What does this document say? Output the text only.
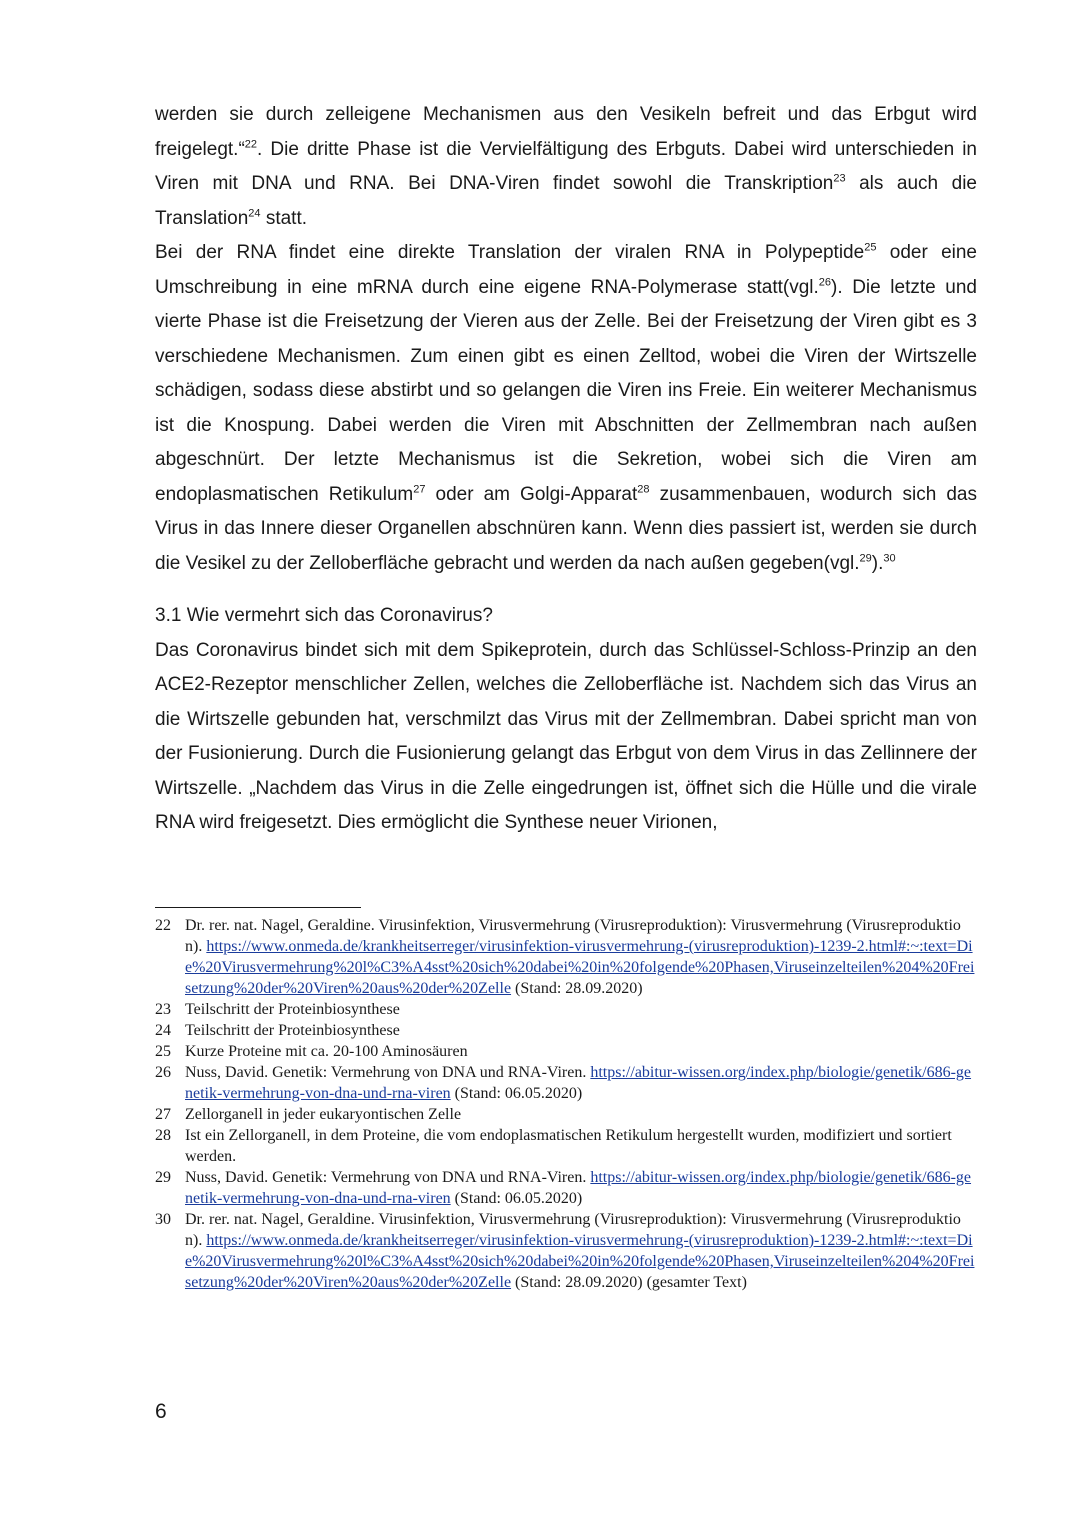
werden sie durch zelleigene Mechanismen aus den Vesikeln befreit und das Erbgut wird freigelegt.“$^{22}$. Die dritte Phase ist die Vervielfältigung des Erbguts. Dabei wird unterschieden in Viren mit DNA und RNA. Bei DNA-Viren findet sowohl die Transkription$^{23}$ als auch die Translation$^{24}$ statt.

Bei der RNA findet eine direkte Translation der viralen RNA in Polypeptide$^{25}$ oder eine Umschreibung in eine mRNA durch eine eigene RNA-Polymerase statt(vgl.$^{26}$). Die letzte und vierte Phase ist die Freisetzung der Vieren aus der Zelle. Bei der Freisetzung der Viren gibt es 3 verschiedene Mechanismen. Zum einen gibt es einen Zelltod, wobei die Viren der Wirtszelle schädigen, sodass diese abstirbt und so gelangen die Viren ins Freie. Ein weiterer Mechanismus ist die Knospung. Dabei werden die Viren mit Abschnitten der Zellmembran nach außen abgeschnürt. Der letzte Mechanismus ist die Sekretion, wobei sich die Viren am endoplasmatischen Retikulum$^{27}$ oder am Golgi-Apparat$^{28}$ zusammenbauen, wodurch sich das Virus in das Innere dieser Organellen abschnüren kann. Wenn dies passiert ist, werden sie durch die Vesikel zu der Zelloberfläche gebracht und werden da nach außen gegeben(vgl.$^{29}$).$^{30}$

3.1 Wie vermehrt sich das Coronavirus?

Das Coronavirus bindet sich mit dem Spikeprotein, durch das Schlüssel-Schloss-Prinzip an den ACE2-Rezeptor menschlicher Zellen, welches die Zelloberfläche ist. Nachdem sich das Virus an die Wirtszelle gebunden hat, verschmilzt das Virus mit der Zellmembran. Dabei spricht man von der Fusionierung. Durch die Fusionierung gelangt das Erbgut von dem Virus in das Zellinnere der Wirtszelle. „Nachdem das Virus in die Zelle eingedrungen ist, öffnet sich die Hülle und die virale RNA wird freigesetzt. Dies ermöglicht die Synthese neuer Virionen,

22 Dr. rer. nat. Nagel, Geraldine. Virusinfektion, Virusvermehrung (Virusreproduktion): Virusvermehrung (Virusreproduktion). https://www.onmeda.de/krankheitserreger/virusinfektion-virusvermehrung-(virusreproduktion)-1239-2.html#:~:text=Die%20Virusvermehrung%20l%C3%A4sst%20sich%20dabei%20in%20folgende%20Phasen,Viruseinzelteilen%204%20Freisetzung%20der%20Viren%20aus%20der%20Zelle (Stand: 28.09.2020)
23 Teilschritt der Proteinbiosynthese
24 Teilschritt der Proteinbiosynthese
25 Kurze Proteine mit ca. 20-100 Aminosäuren
26 Nuss, David. Genetik: Vermehrung von DNA und RNA-Viren. https://abitur-wissen.org/index.php/biologie/genetik/686-genetik-vermehrung-von-dna-und-rna-viren (Stand: 06.05.2020)
27 Zellorganell in jeder eukaryontischen Zelle
28 Ist ein Zellorganell, in dem Proteine, die vom endoplasmatischen Retikulum hergestellt wurden, modifiziert und sortiert werden.
29 Nuss, David. Genetik: Vermehrung von DNA und RNA-Viren. https://abitur-wissen.org/index.php/biologie/genetik/686-genetik-vermehrung-von-dna-und-rna-viren (Stand: 06.05.2020)
30 Dr. rer. nat. Nagel, Geraldine. Virusinfektion, Virusvermehrung (Virusreproduktion): Virusvermehrung (Virusreproduktion). https://www.onmeda.de/krankheitserreger/virusinfektion-virusvermehrung-(virusreproduktion)-1239-2.html#:~:text=Die%20Virusvermehrung%20l%C3%A4sst%20sich%20dabei%20in%20folgende%20Phasen,Viruseinzelteilen%204%20Freisetzung%20der%20Viren%20aus%20der%20Zelle (Stand: 28.09.2020) (gesamter Text)
6
